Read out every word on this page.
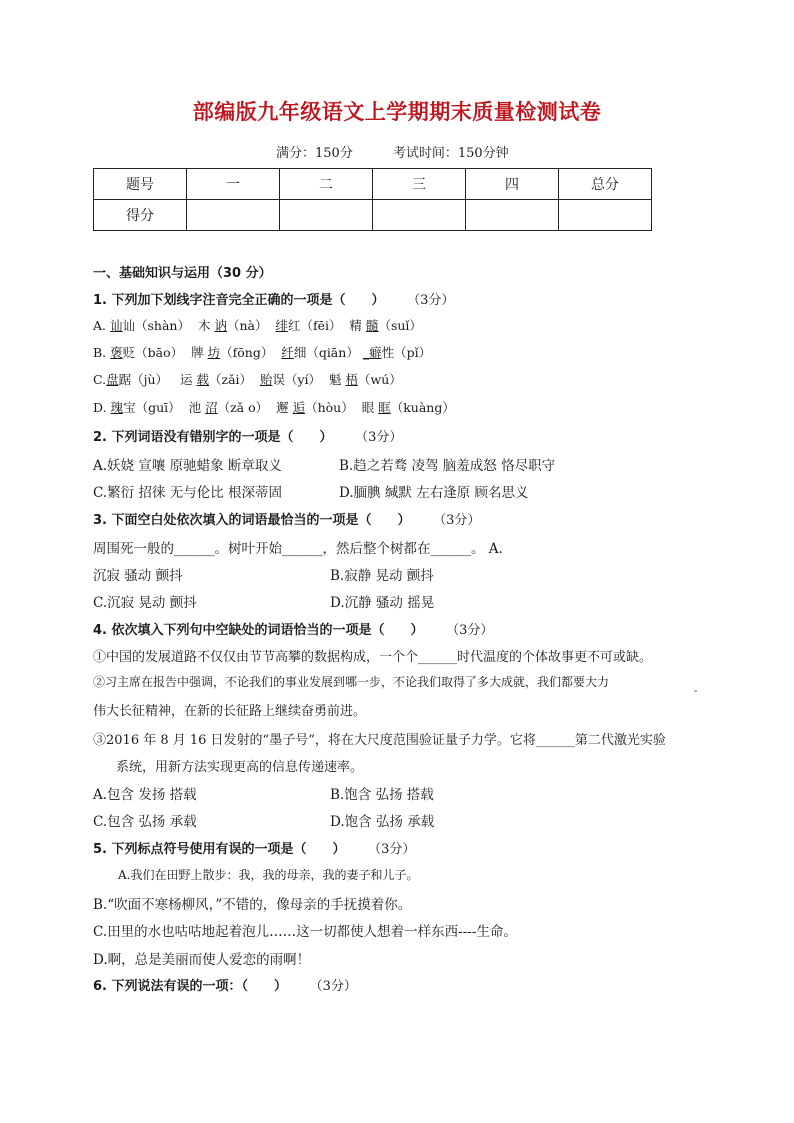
部编版九年级语文上学期期末质量检测试卷
满分：150分	考试时间：150分钟
题号	一	二	三	四	总分
得分					
一、基础知识与运用（30 分）
1. 下列加下划线字注音完全正确的一项是（　　） （3分）
A. 讪讪（shàn） 木 讷（nà） 绯红（fēi） 精 髓（suǐ）
B. 褒贬（bāo） 牌 坊（fōng） 纤细（qiān） _癖性（pǐ）
C.盘踞（jù） 运 载（zǎi） 贻误（yí） 魁 梧（wú）
D. 瑰宝（guī） 池 沼（zǎ o） 邂 逅（hòu） 眼 眶（kuàng）
2. 下列词语没有错别字的一项是（　　） （3分）
A.妖娆 宣嚷 原驰蜡象 断章取义	B.趋之若骛 凌驾 脑羞成怒 恪尽职守
C.繁衍 招徕 无与伦比 根深蒂固	D.腼腆 缄默 左右逢原 顾名思义
3. 下面空白处依次填入的词语最恰当的一项是（　　） （3分）
周围死一般的______。树叶开始______，然后整个树都在______。 A.
沉寂 骚动 颤抖	B.寂静 晃动 颤抖
C.沉寂 晃动 颤抖	D.沉静 骚动 摇晃
4. 依次填入下列句中空缺处的词语恰当的一项是（　　） （3分）
①中国的发展道路不仅仅由节节高攀的数据构成，一个个______时代温度的个体故事更不可或缺。
②习主席在报告中强调，不论我们的事业发展到哪一步，不论我们取得了多大成就，我们都要大力
-
伟大长征精神，在新的长征路上继续奋勇前进。
③2016 年 8 月 16 日发射的“墨子号”，将在大尺度范围验证量子力学。它将______第二代激光实验
系统，用新方法实现更高的信息传递速率。
A.包含 发扬 搭载	B.饱含 弘扬 搭载
C.包含 弘扬 承载	D.饱含 弘扬 承载
5. 下列标点符号使用有误的一项是（　　） （3分）
A.我们在田野上散步：我，我的母亲，我的妻子和儿子。
B.“吹面不寒杨柳风，”不错的，像母亲的手抚摸着你。
C.田里的水也咕咕地起着泡儿……这一切都使人想着一样东西----生命。
D.啊，总是美丽而使人爱恋的雨啊！
6. 下列说法有误的一项：（　　） （3分）
